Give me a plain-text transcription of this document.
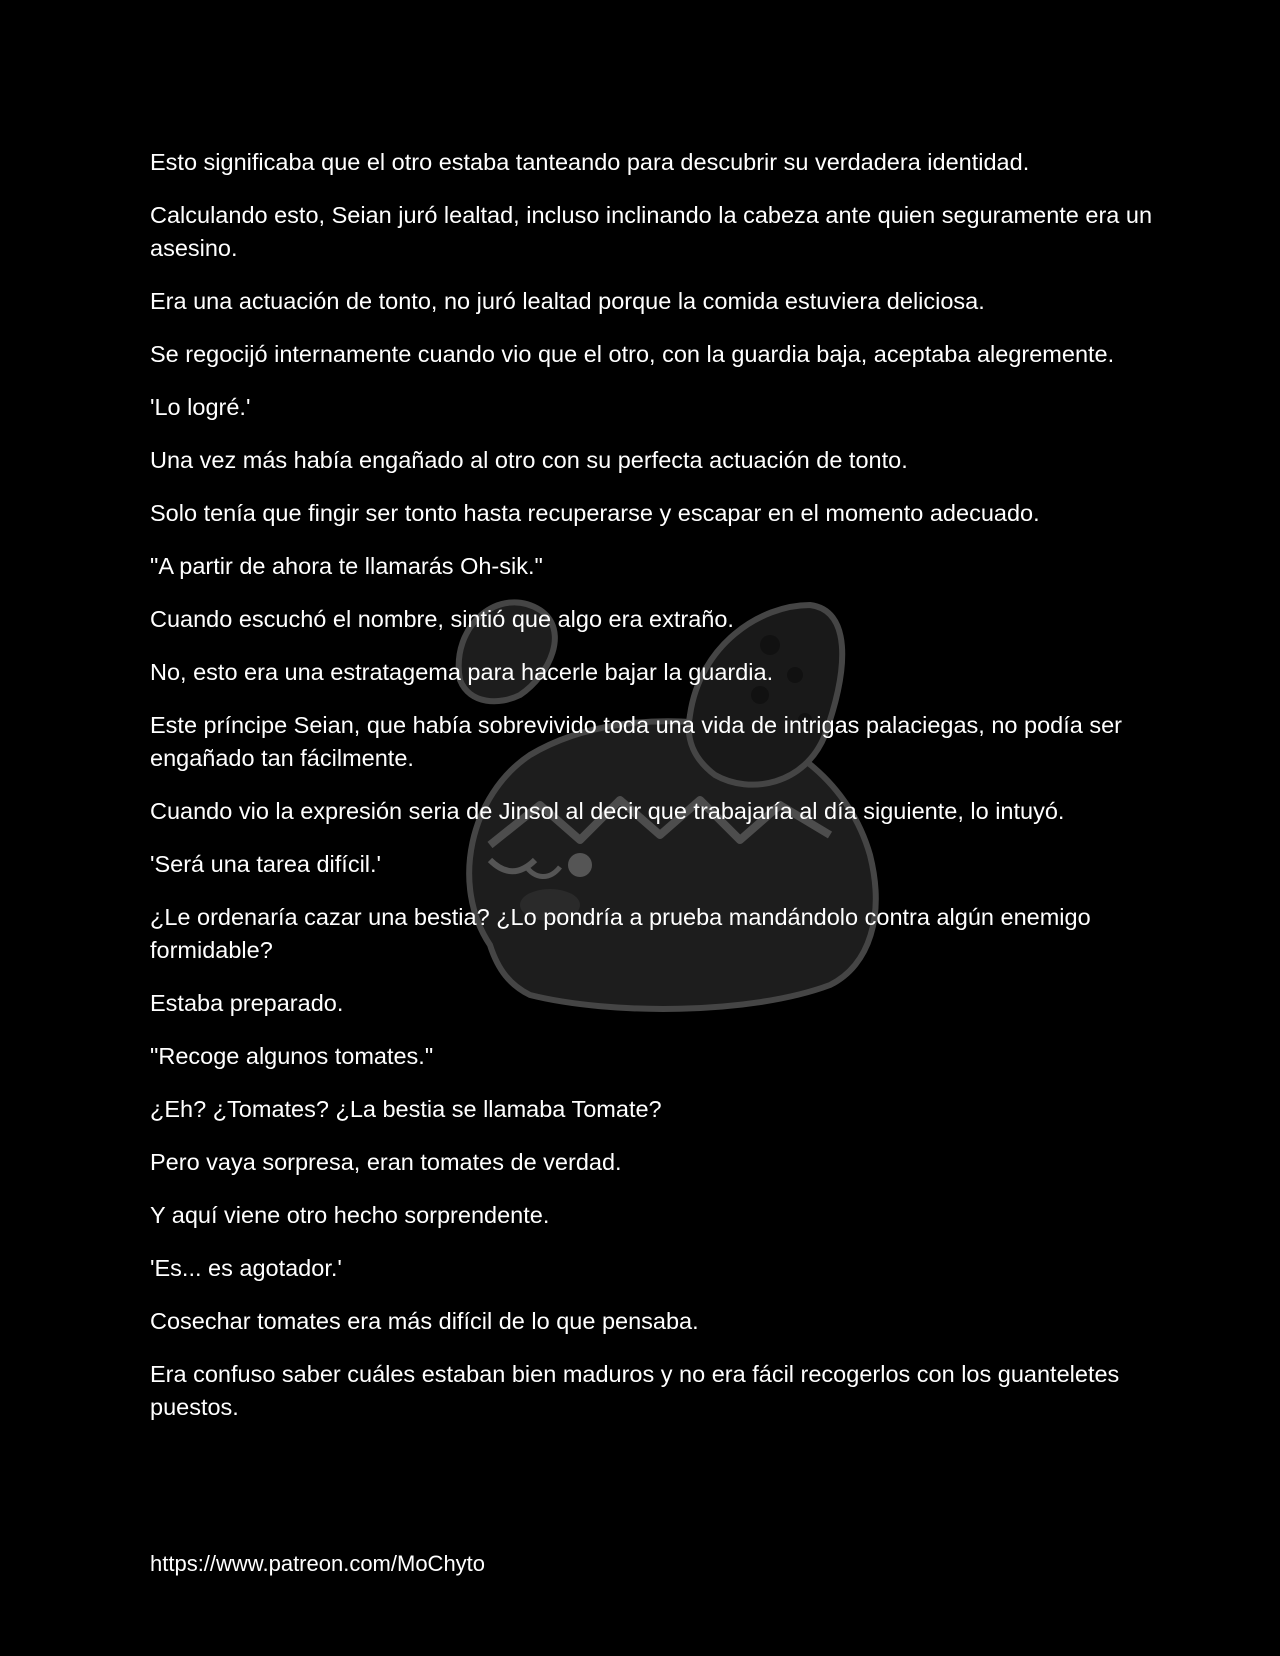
Esto significaba que el otro estaba tanteando para descubrir su verdadera identidad.

Calculando esto, Seian juró lealtad, incluso inclinando la cabeza ante quien seguramente era un asesino.

Era una actuación de tonto, no juró lealtad porque la comida estuviera deliciosa.

Se regocijó internamente cuando vio que el otro, con la guardia baja, aceptaba alegremente.

'Lo logré.'

Una vez más había engañado al otro con su perfecta actuación de tonto.

Solo tenía que fingir ser tonto hasta recuperarse y escapar en el momento adecuado.

"A partir de ahora te llamarás Oh-sik."

Cuando escuchó el nombre, sintió que algo era extraño.

No, esto era una estratagema para hacerle bajar la guardia.

Este príncipe Seian, que había sobrevivido toda una vida de intrigas palaciegas, no podía ser engañado tan fácilmente.

Cuando vio la expresión seria de Jinsol al decir que trabajaría al día siguiente, lo intuyó.

'Será una tarea difícil.'

¿Le ordenaría cazar una bestia? ¿Lo pondría a prueba mandándolo contra algún enemigo formidable?

Estaba preparado.

"Recoge algunos tomates."

¿Eh? ¿Tomates? ¿La bestia se llamaba Tomate?

Pero vaya sorpresa, eran tomates de verdad.

Y aquí viene otro hecho sorprendente.

'Es... es agotador.'

Cosechar tomates era más difícil de lo que pensaba.

Era confuso saber cuáles estaban bien maduros y no era fácil recogerlos con los guanteletes puestos.

https://www.patreon.com/MoChyto
